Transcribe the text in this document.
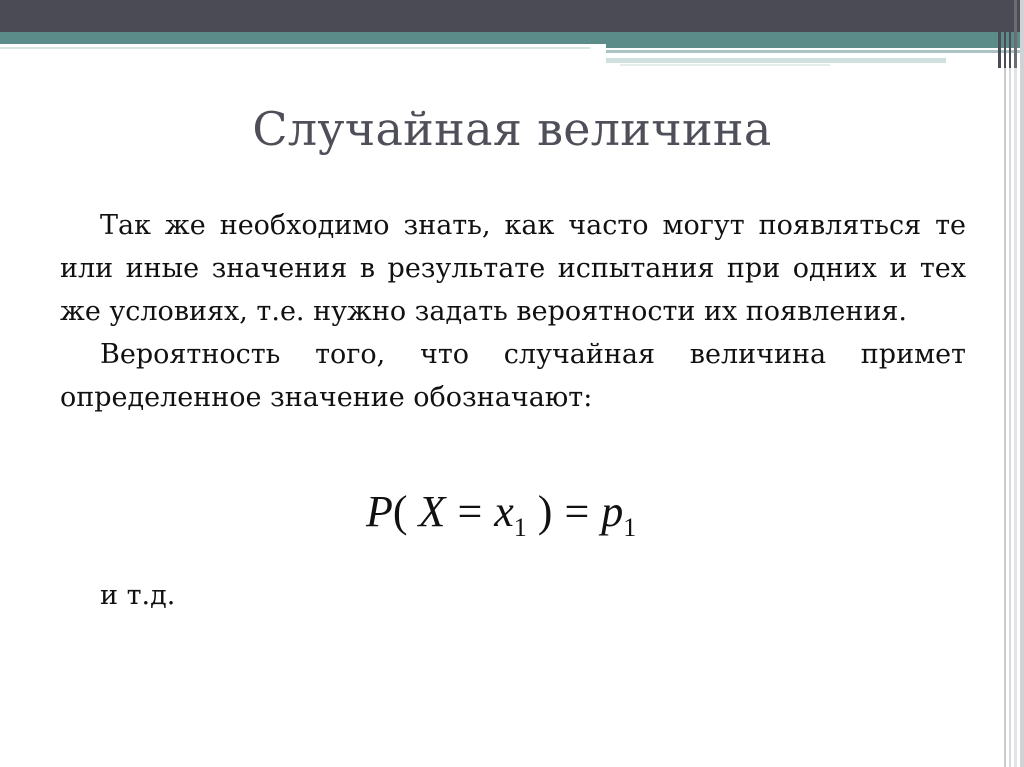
Случайная величина

Так же необходимо знать, как часто могут появляться те или иные значения в результате испытания при одних и тех же условиях, т.е. нужно задать вероятности их появления.

Вероятность того, что случайная величина примет определенное значение обозначают:

P( $X = x_1$ ) = $p_1$
и т.д.
